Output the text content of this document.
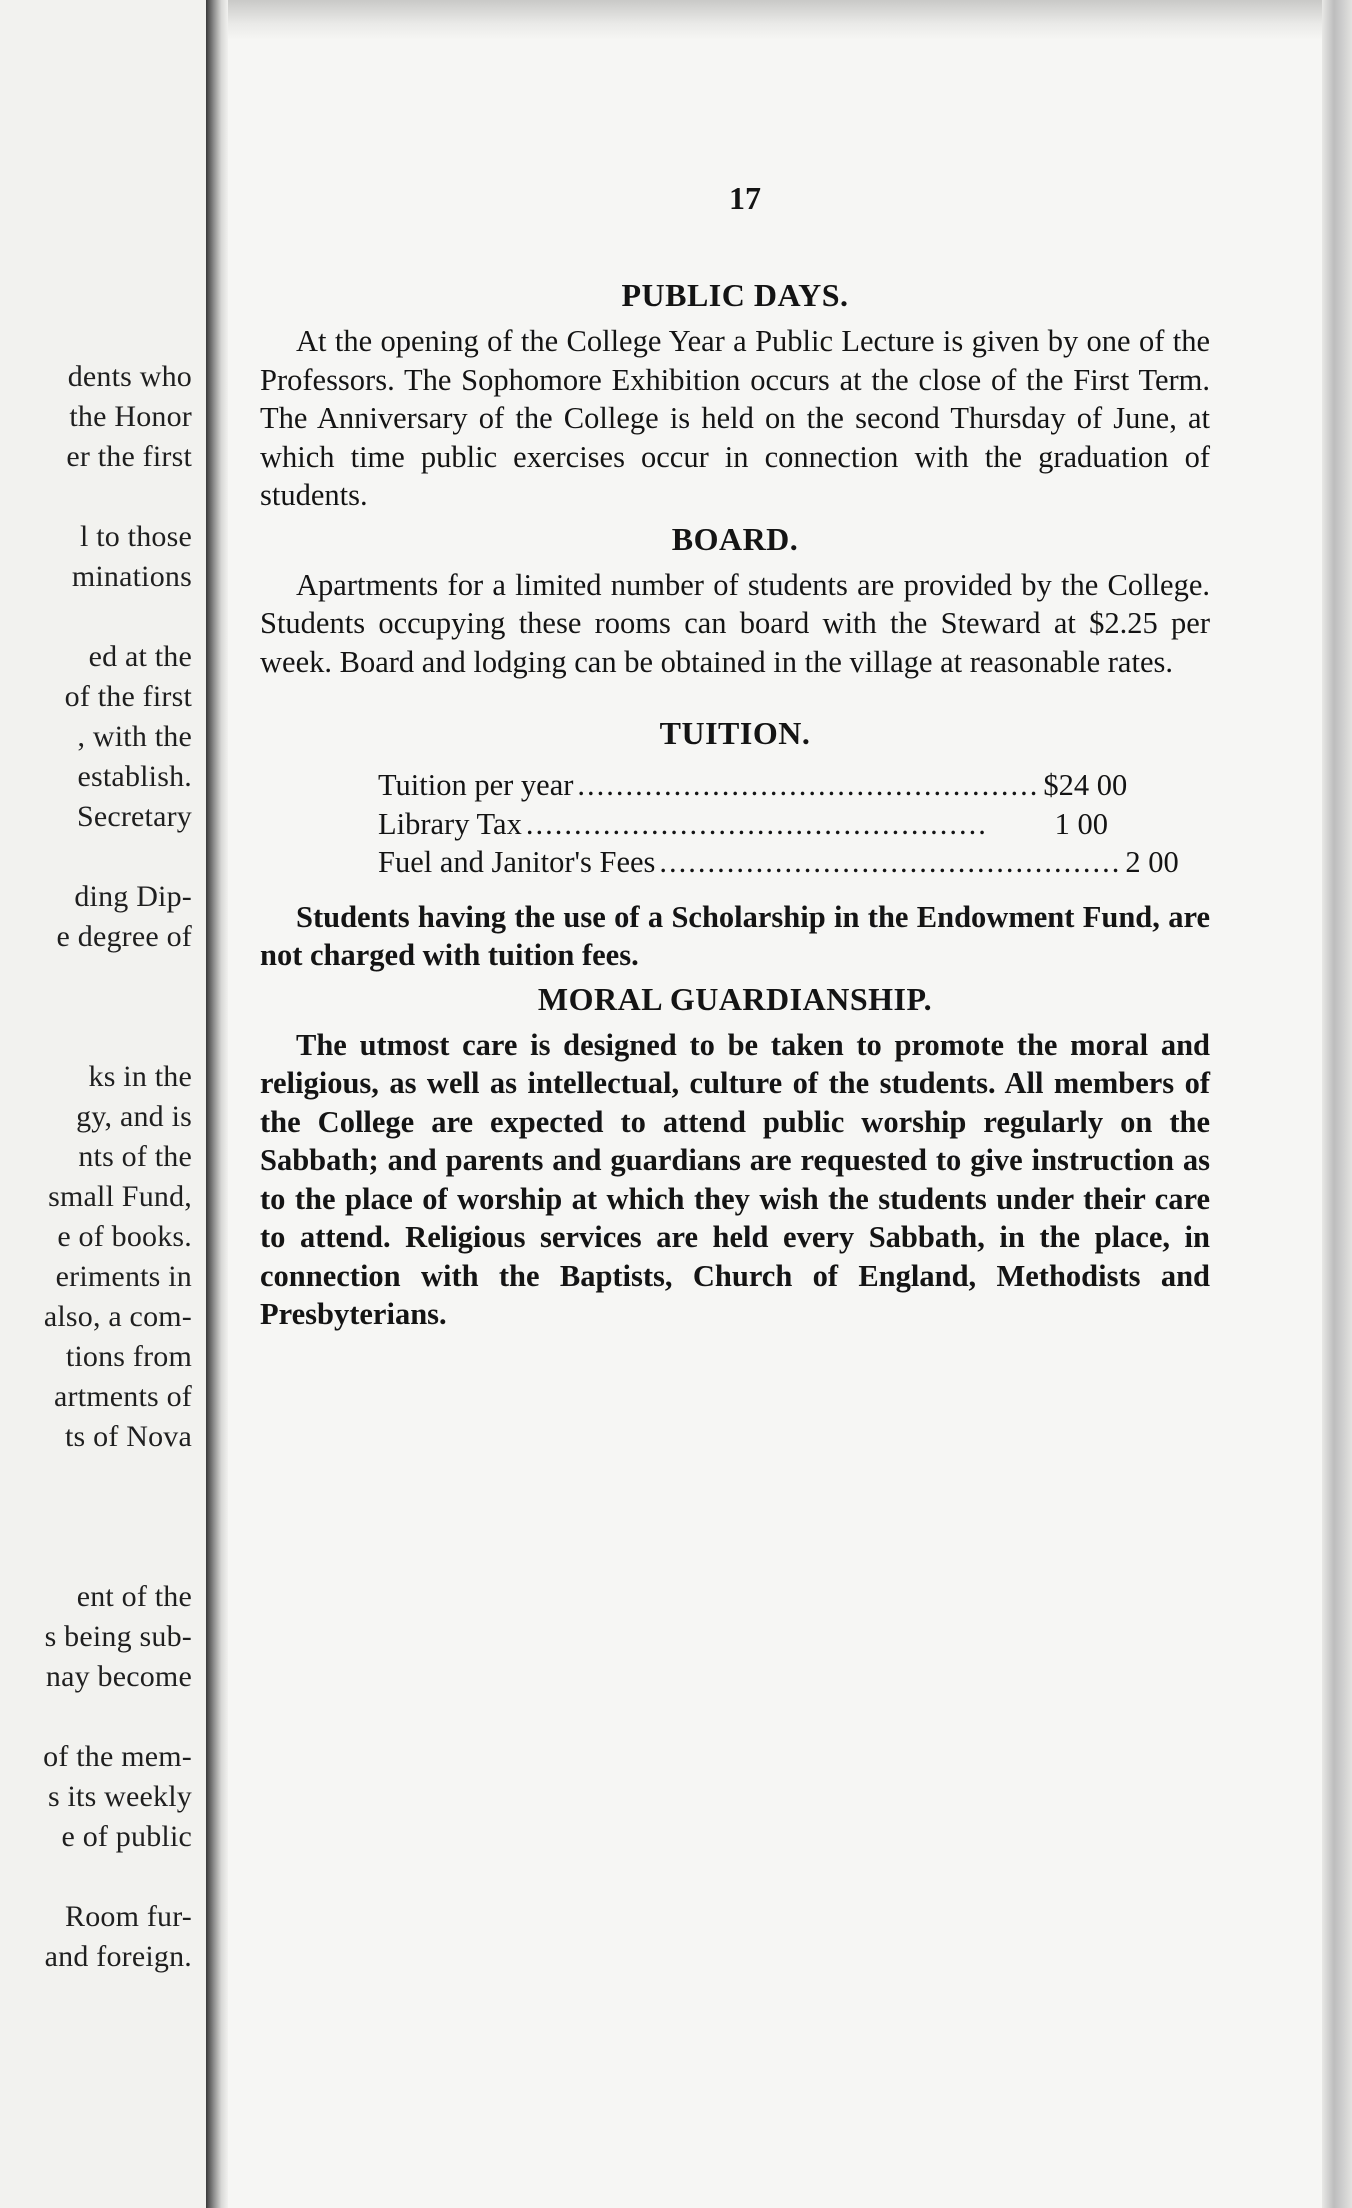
dents who
the Honor
er the first
l to those
minations
ed at the
of the first
, with the
establish.
Secretary
ding Dip-
e degree of
ks in the
gy, and is
nts of the
small Fund,
e of books.
eriments in
also, a com-
tions from
artments of
ts of Nova
ent of the
s being sub-
nay become
of the mem-
s its weekly
e of public
Room fur-
and foreign.
17
PUBLIC DAYS.

At the opening of the College Year a Public Lecture is given by one of the Professors. The Sophomore Exhibition occurs at the close of the First Term. The Anniversary of the College is held on the second Thursday of June, at which time public exercises occur in connection with the graduation of students.

BOARD.

Apartments for a limited number of students are provided by the College. Students occupying these rooms can board with the Steward at $2.25 per week. Board and lodging can be obtained in the village at reasonable rates.

TUITION.
Tuition per year ................................................ $24 00
Library Tax ................................................	1 00
Fuel and Janitor's Fees ................................................ 2 00

Students having the use of a Scholarship in the Endowment Fund, are not charged with tuition fees.

MORAL GUARDIANSHIP.

The utmost care is designed to be taken to promote the moral and religious, as well as intellectual, culture of the students. All members of the College are expected to attend public worship regularly on the Sabbath; and parents and guardians are requested to give instruction as to the place of worship at which they wish the students under their care to attend. Religious services are held every Sabbath, in the place, in connection with the Baptists, Church of England, Methodists and Presbyterians.
